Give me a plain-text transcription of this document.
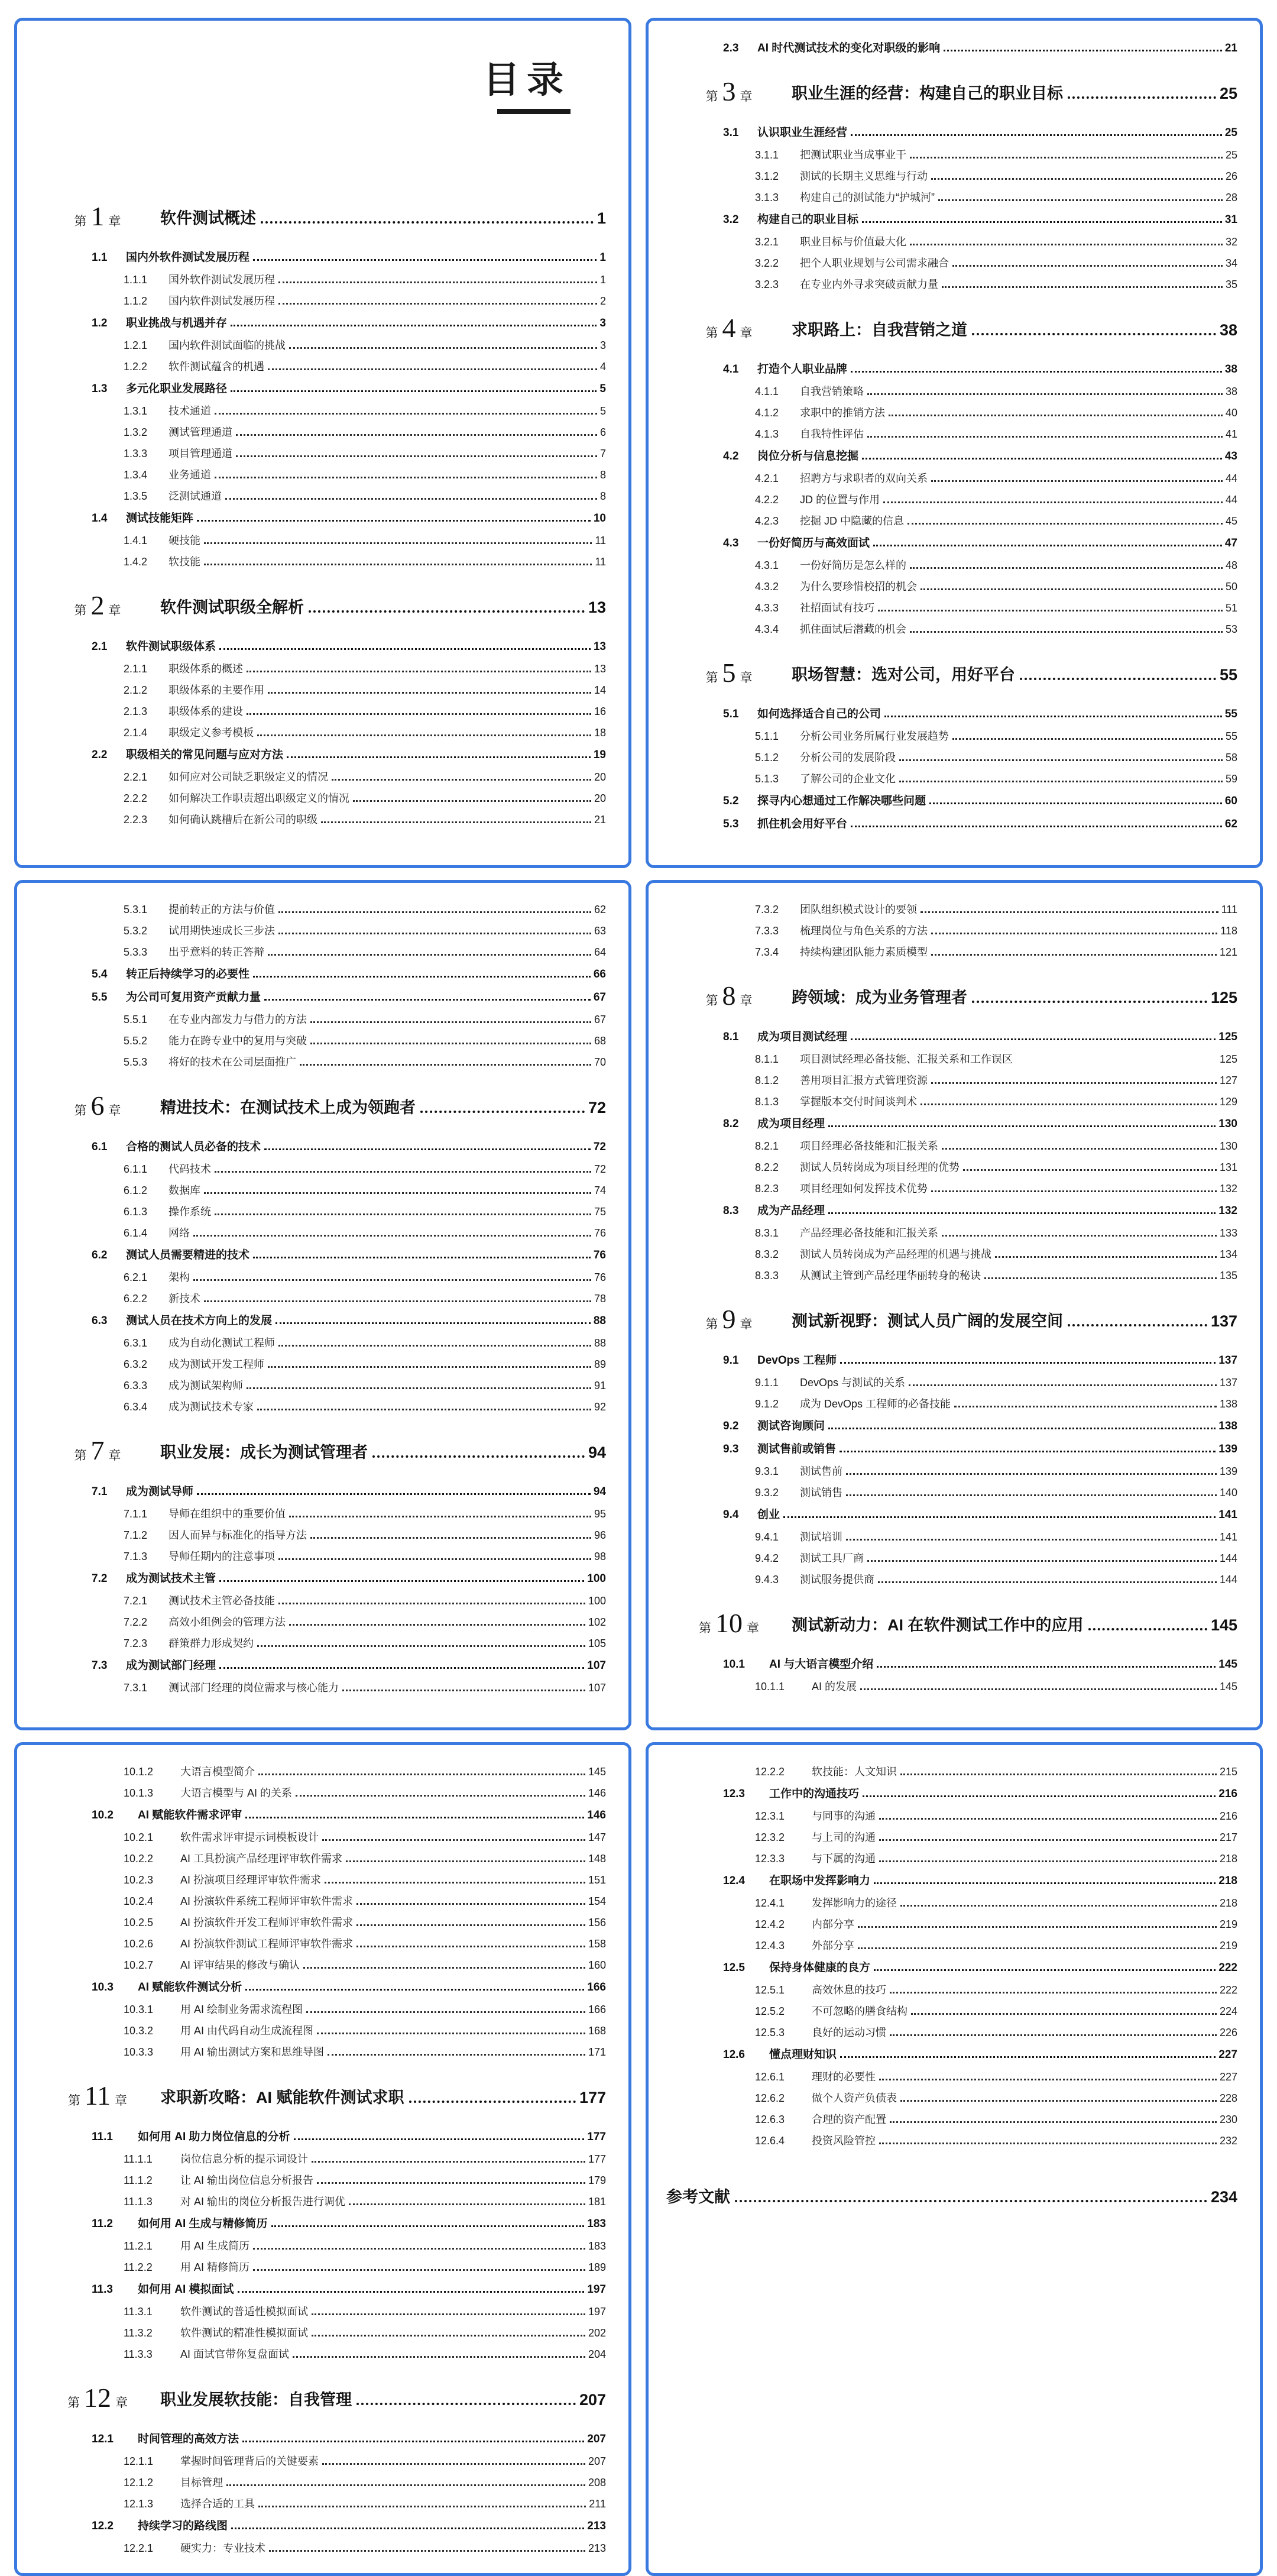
目录
第 1 章 软件测试概述	1
1.1	国内外软件测试发展历程	1
1.1.1	国外软件测试发展历程	1
1.1.2	国内软件测试发展历程	2
1.2	职业挑战与机遇并存	3
1.2.1	国内软件测试面临的挑战	3
1.2.2	软件测试蕴含的机遇	4
1.3	多元化职业发展路径	5
1.3.1	技术通道	5
1.3.2	测试管理通道	6
1.3.3	项目管理通道	7
1.3.4	业务通道	8
1.3.5	泛测试通道	8
1.4	测试技能矩阵	10
1.4.1	硬技能	11
1.4.2	软技能	11
第 2 章 软件测试职级全解析	13
2.1	软件测试职级体系	13
2.1.1	职级体系的概述	13
2.1.2	职级体系的主要作用	14
2.1.3	职级体系的建设	16
2.1.4	职级定义参考模板	18
2.2	职级相关的常见问题与应对方法	19
2.2.1	如何应对公司缺乏职级定义的情况	20
2.2.2	如何解决工作职责超出职级定义的情况	20
2.2.3	如何确认跳槽后在新公司的职级	21
2.3	AI 时代测试技术的变化对职级的影响	21
第 3 章 职业生涯的经营：构建自己的职业目标	25
3.1	认识职业生涯经营	25
3.1.1	把测试职业当成事业干	25
3.1.2	测试的长期主义思维与行动	26
3.1.3	构建自己的测试能力“护城河”	28
3.2	构建自己的职业目标	31
3.2.1	职业目标与价值最大化	32
3.2.2	把个人职业规划与公司需求融合	34
3.2.3	在专业内外寻求突破贡献力量	35
第 4 章 求职路上：自我营销之道	38
4.1	打造个人职业品牌	38
4.1.1	自我营销策略	38
4.1.2	求职中的推销方法	40
4.1.3	自我特性评估	41
4.2	岗位分析与信息挖掘	43
4.2.1	招聘方与求职者的双向关系	44
4.2.2	JD 的位置与作用	44
4.2.3	挖掘 JD 中隐藏的信息	45
4.3	一份好简历与高效面试	47
4.3.1	一份好简历是怎么样的	48
4.3.2	为什么要珍惜校招的机会	50
4.3.3	社招面试有技巧	51
4.3.4	抓住面试后潜藏的机会	53
第 5 章 职场智慧：选对公司，用好平台	55
5.1	如何选择适合自己的公司	55
5.1.1	分析公司业务所属行业发展趋势	55
5.1.2	分析公司的发展阶段	58
5.1.3	了解公司的企业文化	59
5.2	探寻内心想通过工作解决哪些问题	60
5.3	抓住机会用好平台	62
5.3.1	提前转正的方法与价值	62
5.3.2	试用期快速成长三步法	63
5.3.3	出乎意料的转正答辩	64
5.4	转正后持续学习的必要性	66
5.5	为公司可复用资产贡献力量	67
5.5.1	在专业内部发力与借力的方法	67
5.5.2	能力在跨专业中的复用与突破	68
5.5.3	将好的技术在公司层面推广	70
第 6 章 精进技术：在测试技术上成为领跑者	72
6.1	合格的测试人员必备的技术	72
6.1.1	代码技术	72
6.1.2	数据库	74
6.1.3	操作系统	75
6.1.4	网络	76
6.2	测试人员需要精进的技术	76
6.2.1	架构	76
6.2.2	新技术	78
6.3	测试人员在技术方向上的发展	88
6.3.1	成为自动化测试工程师	88
6.3.2	成为测试开发工程师	89
6.3.3	成为测试架构师	91
6.3.4	成为测试技术专家	92
第 7 章 职业发展：成长为测试管理者	94
7.1	成为测试导师	94
7.1.1	导师在组织中的重要价值	95
7.1.2	因人而异与标准化的指导方法	96
7.1.3	导师任期内的注意事项	98
7.2	成为测试技术主管	100
7.2.1	测试技术主管必备技能	100
7.2.2	高效小组例会的管理方法	102
7.2.3	群策群力形成契约	105
7.3	成为测试部门经理	107
7.3.1	测试部门经理的岗位需求与核心能力	107
7.3.2	团队组织模式设计的要领	111
7.3.3	梳理岗位与角色关系的方法	118
7.3.4	持续构建团队能力素质模型	121
第 8 章 跨领域：成为业务管理者	125
8.1	成为项目测试经理	125
8.1.1	项目测试经理必备技能、汇报关系和工作误区	125
8.1.2	善用项目汇报方式管理资源	127
8.1.3	掌握版本交付时间谈判术	129
8.2	成为项目经理	130
8.2.1	项目经理必备技能和汇报关系	130
8.2.2	测试人员转岗成为项目经理的优势	131
8.2.3	项目经理如何发挥技术优势	132
8.3	成为产品经理	132
8.3.1	产品经理必备技能和汇报关系	133
8.3.2	测试人员转岗成为产品经理的机遇与挑战	134
8.3.3	从测试主管到产品经理华丽转身的秘诀	135
第 9 章 测试新视野：测试人员广阔的发展空间	137
9.1	DevOps 工程师	137
9.1.1	DevOps 与测试的关系	137
9.1.2	成为 DevOps 工程师的必备技能	138
9.2	测试咨询顾问	138
9.3	测试售前或销售	139
9.3.1	测试售前	139
9.3.2	测试销售	140
9.4	创业	141
9.4.1	测试培训	141
9.4.2	测试工具厂商	144
9.4.3	测试服务提供商	144
第 10 章 测试新动力：AI 在软件测试工作中的应用	145
10.1	AI 与大语言模型介绍	145
10.1.1	AI 的发展	145
10.1.2	大语言模型简介	145
10.1.3	大语言模型与 AI 的关系	146
10.2	AI 赋能软件需求评审	146
10.2.1	软件需求评审提示词模板设计	147
10.2.2	AI 工具扮演产品经理评审软件需求	148
10.2.3	AI 扮演项目经理评审软件需求	151
10.2.4	AI 扮演软件系统工程师评审软件需求	154
10.2.5	AI 扮演软件开发工程师评审软件需求	156
10.2.6	AI 扮演软件测试工程师评审软件需求	158
10.2.7	AI 评审结果的修改与确认	160
10.3	AI 赋能软件测试分析	166
10.3.1	用 AI 绘制业务需求流程图	166
10.3.2	用 AI 由代码自动生成流程图	168
10.3.3	用 AI 输出测试方案和思维导图	171
第 11 章 求职新攻略：AI 赋能软件测试求职	177
11.1	如何用 AI 助力岗位信息的分析	177
11.1.1	岗位信息分析的提示词设计	177
11.1.2	让 AI 输出岗位信息分析报告	179
11.1.3	对 AI 输出的岗位分析报告进行调优	181
11.2	如何用 AI 生成与精修简历	183
11.2.1	用 AI 生成简历	183
11.2.2	用 AI 精修简历	189
11.3	如何用 AI 模拟面试	197
11.3.1	软件测试的普适性模拟面试	197
11.3.2	软件测试的精准性模拟面试	202
11.3.3	AI 面试官带你复盘面试	204
第 12 章 职业发展软技能：自我管理	207
12.1	时间管理的高效方法	207
12.1.1	掌握时间管理背后的关键要素	207
12.1.2	目标管理	208
12.1.3	选择合适的工具	211
12.2	持续学习的路线图	213
12.2.1	硬实力：专业技术	213
12.2.2	软技能：人文知识	215
12.3	工作中的沟通技巧	216
12.3.1	与同事的沟通	216
12.3.2	与上司的沟通	217
12.3.3	与下属的沟通	218
12.4	在职场中发挥影响力	218
12.4.1	发挥影响力的途径	218
12.4.2	内部分享	219
12.4.3	外部分享	219
12.5	保持身体健康的良方	222
12.5.1	高效休息的技巧	222
12.5.2	不可忽略的膳食结构	224
12.5.3	良好的运动习惯	226
12.6	懂点理财知识	227
12.6.1	理财的必要性	227
12.6.2	做个人资产负债表	228
12.6.3	合理的资产配置	230
12.6.4	投资风险管控	232
参考文献	234
